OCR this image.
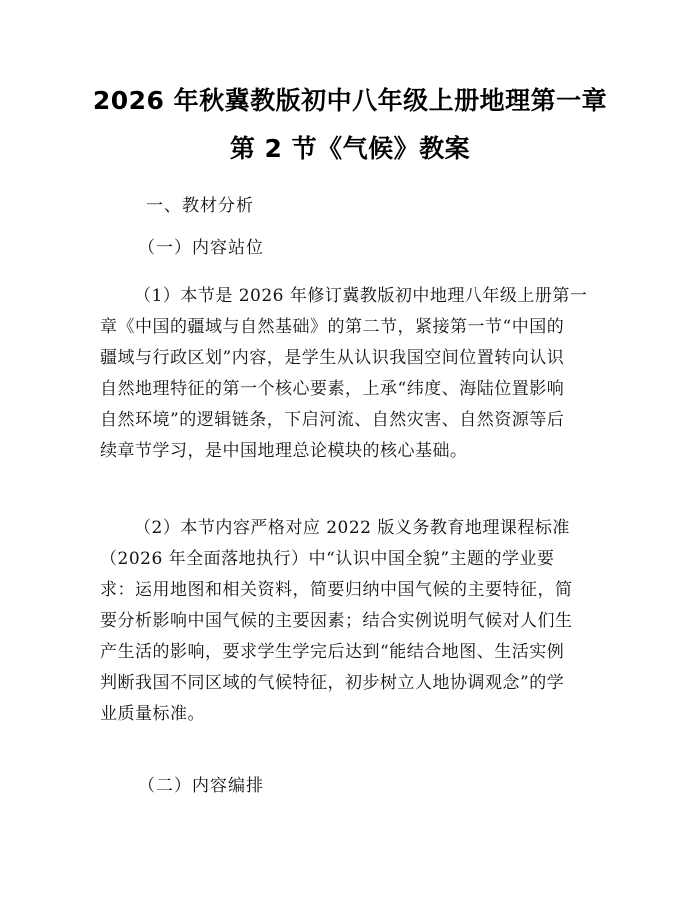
2026 年秋冀教版初中八年级上册地理第一章
第 2 节《气候》教案
一、教材分析
（一）内容站位
（1）本节是 2026 年修订冀教版初中地理八年级上册第一
章《中国的疆域与自然基础》的第二节，紧接第一节“中国的
疆域与行政区划”内容，是学生从认识我国空间位置转向认识
自然地理特征的第一个核心要素，上承“纬度、海陆位置影响
自然环境”的逻辑链条，下启河流、自然灾害、自然资源等后
续章节学习，是中国地理总论模块的核心基础。
（2）本节内容严格对应 2022 版义务教育地理课程标准
（2026 年全面落地执行）中“认识中国全貌”主题的学业要
求：运用地图和相关资料，简要归纳中国气候的主要特征，简
要分析影响中国气候的主要因素；结合实例说明气候对人们生
产生活的影响，要求学生学完后达到“能结合地图、生活实例
判断我国不同区域的气候特征，初步树立人地协调观念”的学
业质量标准。
（二）内容编排
